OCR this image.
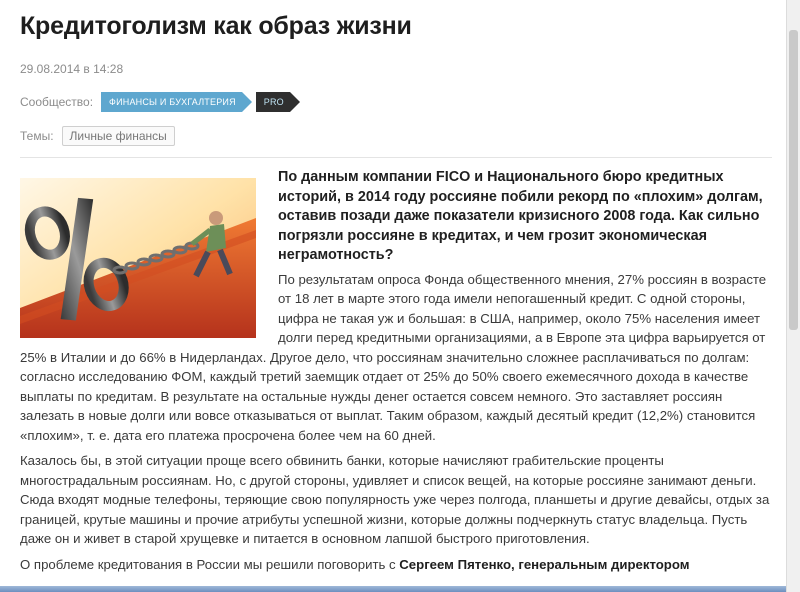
Кредитоголизм как образ жизни
29.08.2014 в 14:28
Сообщество:	ФИНАНСЫ И БУХГАЛТЕРИЯ	PRO
Темы:	Личные финансы

По данным компании FICO и Национального бюро кредитных историй, в 2014 году россияне побили рекорд по «плохим» долгам, оставив позади даже показатели кризисного 2008 года. Как сильно погрязли россияне в кредитах, и чем грозит экономическая неграмотность?

По результатам опроса Фонда общественного мнения, 27% россиян в возрасте от 18 лет в марте этого года имели непогашенный кредит. С одной стороны, цифра не такая уж и большая: в США, например, около 75% населения имеет долги перед кредитными организациями, а в Европе эта цифра варьируется от 25% в Италии и до 66% в Нидерландах. Другое дело, что россиянам значительно сложнее расплачиваться по долгам: согласно исследованию ФОМ, каждый третий заемщик отдает от 25% до 50% своего ежемесячного дохода в качестве выплаты по кредитам. В результате на остальные нужды денег остается совсем немного. Это заставляет россиян залезать в новые долги или вовсе отказываться от выплат. Таким образом, каждый десятый кредит (12,2%) становится «плохим», т. е. дата его платежа просрочена более чем на 60 дней.

Казалось бы, в этой ситуации проще всего обвинить банки, которые начисляют грабительские проценты многострадальным россиянам. Но, с другой стороны, удивляет и список вещей, на которые россияне занимают деньги. Сюда входят модные телефоны, теряющие свою популярность уже через полгода, планшеты и другие девайсы, отдых за границей, крутые машины и прочие атрибуты успешной жизни, которые должны подчеркнуть статус владельца. Пусть даже он и живет в старой хрущевке и питается в основном лапшой быстрого приготовления.

О проблеме кредитования в России мы решили поговорить с Сергеем Пятенко, генеральным директором
